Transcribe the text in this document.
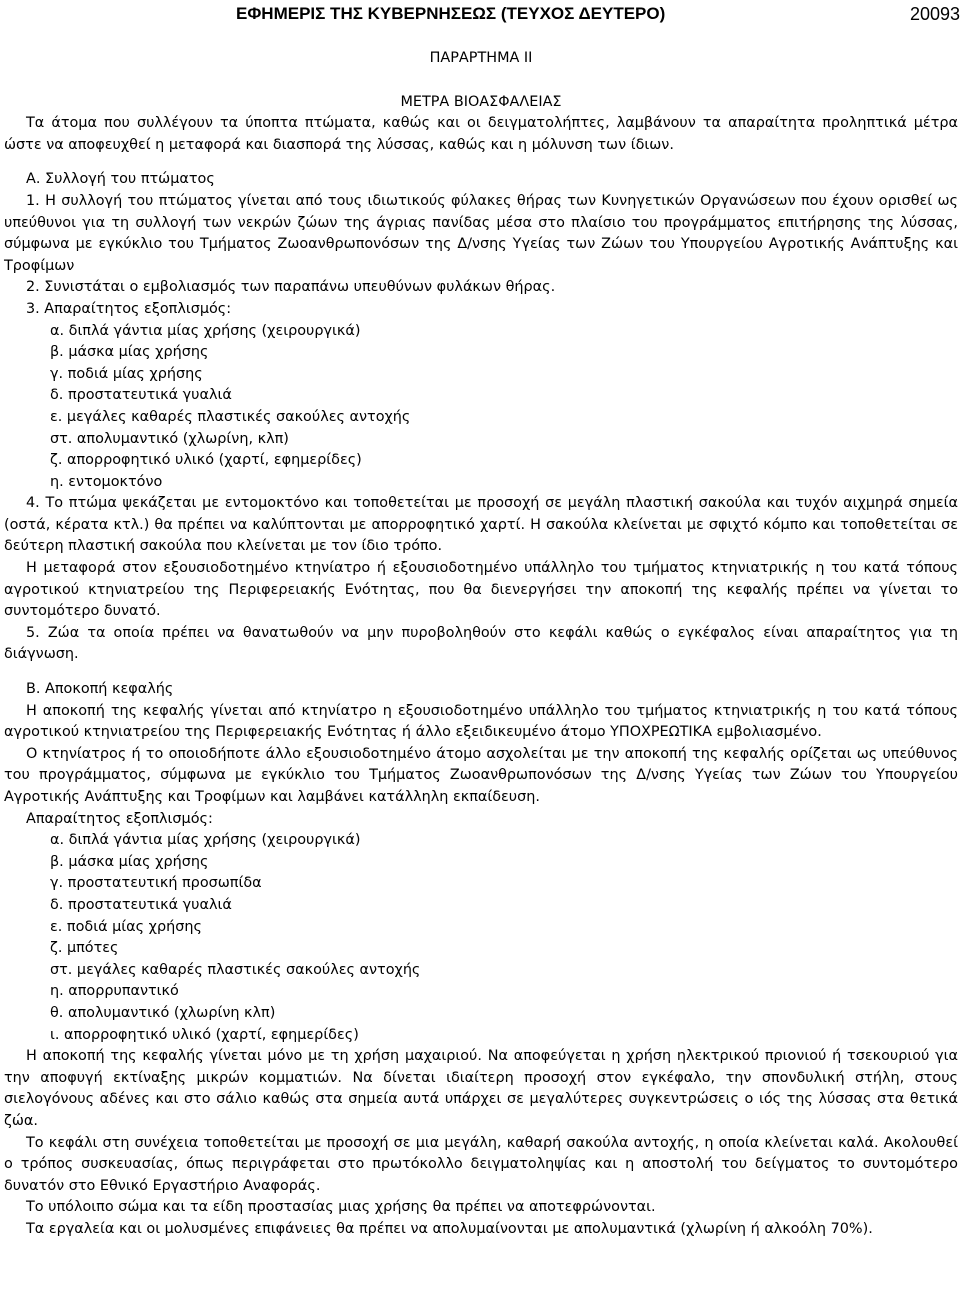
ΕΦΗΜΕΡΙΣ ΤΗΣ ΚΥΒΕΡΝΗΣΕΩΣ (ΤΕΥΧΟΣ ΔΕΥΤΕΡΟ)	20093

ΠΑΡΑΡΤΗΜΑ ΙΙ

ΜΕΤΡΑ ΒΙΟΑΣΦΑΛΕΙΑΣ

Τα άτομα που συλλέγουν τα ύποπτα πτώματα, καθώς και οι δειγματολήπτες, λαμβάνουν τα απαραίτητα προληπτικά μέτρα ώστε να αποφευχθεί η μεταφορά και διασπορά της λύσσας, καθώς και η μόλυνση των ίδιων.

Α. Συλλογή του πτώματος

1. Η συλλογή του πτώματος γίνεται από τους ιδιωτικούς φύλακες θήρας των Κυνηγετικών Οργανώσεων που έχουν ορισθεί ως υπεύθυνοι για τη συλλογή των νεκρών ζώων της άγριας πανίδας μέσα στο πλαίσιο του προγράμματος επιτήρησης της λύσσας, σύμφωνα με εγκύκλιο του Τμήματος Ζωοανθρωπονόσων της Δ/νσης Υγείας των Ζώων του Υπουργείου Αγροτικής Ανάπτυξης και Τροφίμων

2. Συνιστάται ο εμβολιασμός των παραπάνω υπευθύνων φυλάκων θήρας.

3. Απαραίτητος εξοπλισμός:

α. διπλά γάντια μίας χρήσης (χειρουργικά)

β. μάσκα μίας χρήσης

γ. ποδιά μίας χρήσης

δ. προστατευτικά γυαλιά

ε. μεγάλες καθαρές πλαστικές σακούλες αντοχής

στ. απολυμαντικό (χλωρίνη, κλπ)

ζ. απορροφητικό υλικό (χαρτί, εφημερίδες)

η. εντομοκτόνο

4. Το πτώμα ψεκάζεται με εντομοκτόνο και τοποθετείται με προσοχή σε μεγάλη πλαστική σακούλα και τυχόν αιχμηρά σημεία (οστά, κέρατα κτλ.) θα πρέπει να καλύπτονται με απορροφητικό χαρτί. Η σακούλα κλείνεται με σφιχτό κόμπο και τοποθετείται σε δεύτερη πλαστική σακούλα που κλείνεται με τον ίδιο τρόπο.

Η μεταφορά στον εξουσιοδοτημένο κτηνίατρο ή εξουσιοδοτημένο υπάλληλο του τμήματος κτηνιατρικής η του κατά τόπους αγροτικού κτηνιατρείου της Περιφερειακής Ενότητας, που θα διενεργήσει την αποκοπή της κεφαλής πρέπει να γίνεται το συντομότερο δυνατό.

5. Ζώα τα οποία πρέπει να θανατωθούν να μην πυροβοληθούν στο κεφάλι καθώς ο εγκέφαλος είναι απαραίτητος για τη διάγνωση.

Β. Αποκοπή κεφαλής

Η αποκοπή της κεφαλής γίνεται από κτηνίατρο η εξουσιοδοτημένο υπάλληλο του τμήματος κτηνιατρικής η του κατά τόπους αγροτικού κτηνιατρείου της Περιφερειακής Ενότητας ή άλλο εξειδικευμένο άτομο ΥΠΟΧΡΕΩΤΙΚΑ εμβολιασμένο.

Ο κτηνίατρος ή το οποιοδήποτε άλλο εξουσιοδοτημένο άτομο ασχολείται με την αποκοπή της κεφαλής ορίζεται ως υπεύθυνος του προγράμματος, σύμφωνα με εγκύκλιο του Τμήματος Ζωοανθρωπονόσων της Δ/νσης Υγείας των Ζώων του Υπουργείου Αγροτικής Ανάπτυξης και Τροφίμων και λαμβάνει κατάλληλη εκπαίδευση.

Απαραίτητος εξοπλισμός:

α. διπλά γάντια μίας χρήσης (χειρουργικά)

β. μάσκα μίας χρήσης

γ. προστατευτική προσωπίδα

δ. προστατευτικά γυαλιά

ε. ποδιά μίας χρήσης

ζ. μπότες

στ. μεγάλες καθαρές πλαστικές σακούλες αντοχής

η. απορρυπαντικό

θ. απολυμαντικό (χλωρίνη κλπ)

ι. απορροφητικό υλικό (χαρτί, εφημερίδες)

Η αποκοπή της κεφαλής γίνεται μόνο με τη χρήση μαχαιριού. Να αποφεύγεται η χρήση ηλεκτρικού πριονιού ή τσεκουριού για την αποφυγή εκτίναξης μικρών κομματιών. Να δίνεται ιδιαίτερη προσοχή στον εγκέφαλο, την σπονδυλική στήλη, στους σιελογόνους αδένες και στο σάλιο καθώς στα σημεία αυτά υπάρχει σε μεγαλύτερες συγκεντρώσεις ο ιός της λύσσας στα θετικά ζώα.

Το κεφάλι στη συνέχεια τοποθετείται με προσοχή σε μια μεγάλη, καθαρή σακούλα αντοχής, η οποία κλείνεται καλά. Ακολουθεί ο τρόπος συσκευασίας, όπως περιγράφεται στο πρωτόκολλο δειγματοληψίας και η αποστολή του δείγματος το συντομότερο δυνατόν στο Εθνικό Εργαστήριο Αναφοράς.

Το υπόλοιπο σώμα και τα είδη προστασίας μιας χρήσης θα πρέπει να αποτεφρώνονται.

Τα εργαλεία και οι μολυσμένες επιφάνειες θα πρέπει να απολυμαίνονται με απολυμαντικά (χλωρίνη ή αλκοόλη 70%).
